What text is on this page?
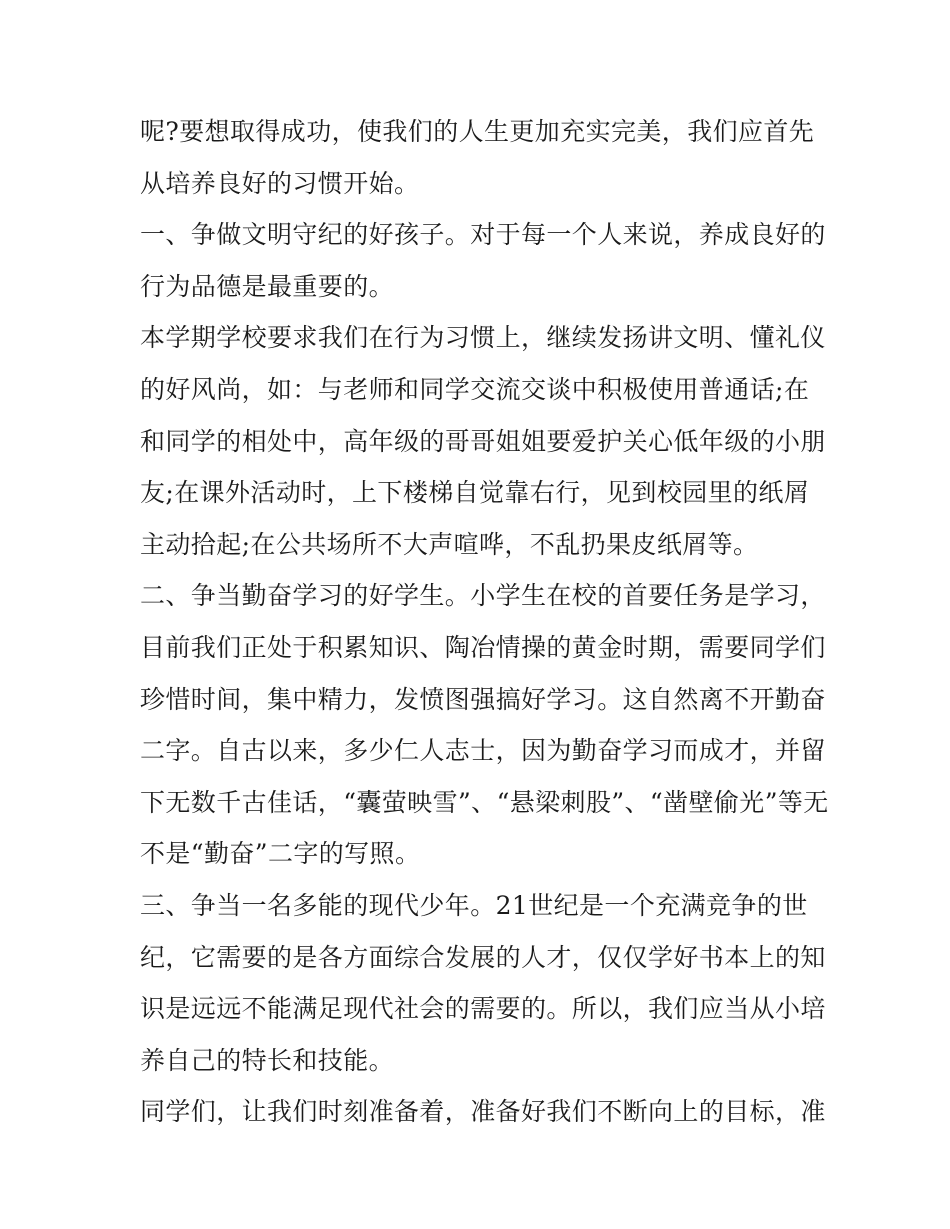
呢?要想取得成功，使我们的人生更加充实完美，我们应首先
从培养良好的习惯开始。
一、争做文明守纪的好孩子。对于每一个人来说，养成良好的
行为品德是最重要的。
本学期学校要求我们在行为习惯上，继续发扬讲文明、懂礼仪
的好风尚，如：与老师和同学交流交谈中积极使用普通话;在
和同学的相处中，高年级的哥哥姐姐要爱护关心低年级的小朋
友;在课外活动时，上下楼梯自觉靠右行，见到校园里的纸屑
主动拾起;在公共场所不大声喧哗，不乱扔果皮纸屑等。
二、争当勤奋学习的好学生。小学生在校的首要任务是学习，
目前我们正处于积累知识、陶冶情操的黄金时期，需要同学们
珍惜时间，集中精力，发愤图强搞好学习。这自然离不开勤奋
二字。自古以来，多少仁人志士，因为勤奋学习而成才，并留
下无数千古佳话，“囊萤映雪”、“悬梁刺股”、“凿壁偷光”等无
不是“勤奋”二字的写照。
三、争当一名多能的现代少年。21世纪是一个充满竞争的世
纪，它需要的是各方面综合发展的人才，仅仅学好书本上的知
识是远远不能满足现代社会的需要的。所以，我们应当从小培
养自己的特长和技能。
同学们，让我们时刻准备着，准备好我们不断向上的目标，准
